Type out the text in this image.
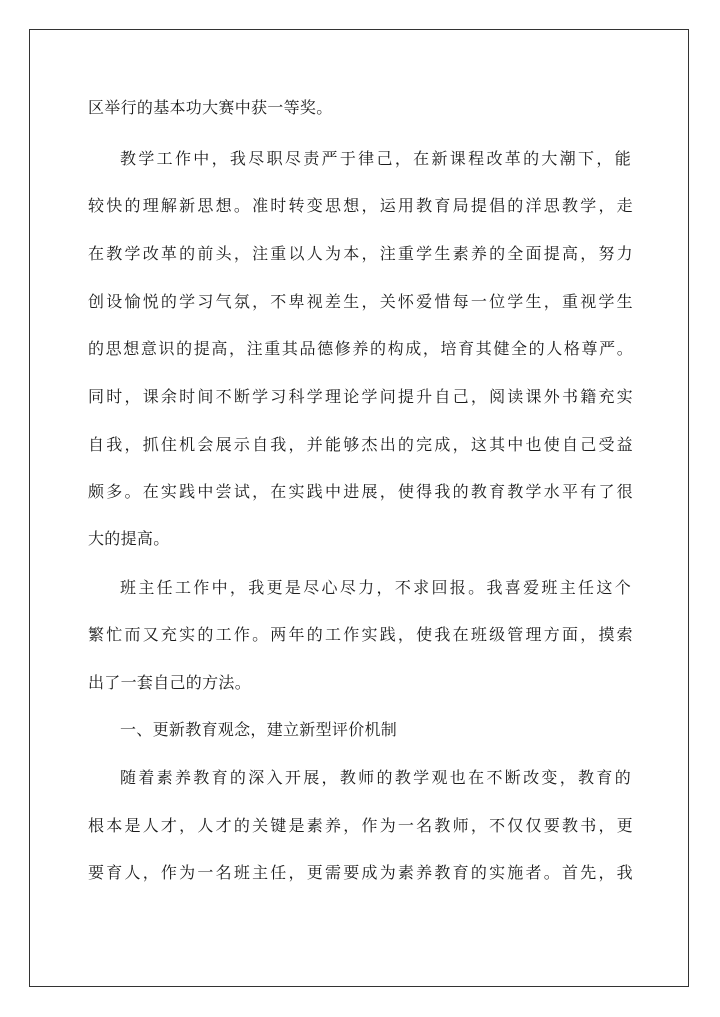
区举行的基本功大赛中获一等奖。

教学工作中，我尽职尽责严于律己，在新课程改革的大潮下，能

较快的理解新思想。准时转变思想，运用教育局提倡的洋思教学，走

在教学改革的前头，注重以人为本，注重学生素养的全面提高，努力

创设愉悦的学习气氛，不卑视差生，关怀爱惜每一位学生，重视学生

的思想意识的提高，注重其品德修养的构成，培育其健全的人格尊严。

同时，课余时间不断学习科学理论学问提升自己，阅读课外书籍充实

自我，抓住机会展示自我，并能够杰出的完成，这其中也使自己受益

颇多。在实践中尝试，在实践中进展，使得我的教育教学水平有了很

大的提高。

班主任工作中，我更是尽心尽力，不求回报。我喜爱班主任这个

繁忙而又充实的工作。两年的工作实践，使我在班级管理方面，摸索

出了一套自己的方法。

一、更新教育观念，建立新型评价机制

随着素养教育的深入开展，教师的教学观也在不断改变，教育的

根本是人才，人才的关键是素养，作为一名教师，不仅仅要教书，更

要育人，作为一名班主任，更需要成为素养教育的实施者。首先，我
